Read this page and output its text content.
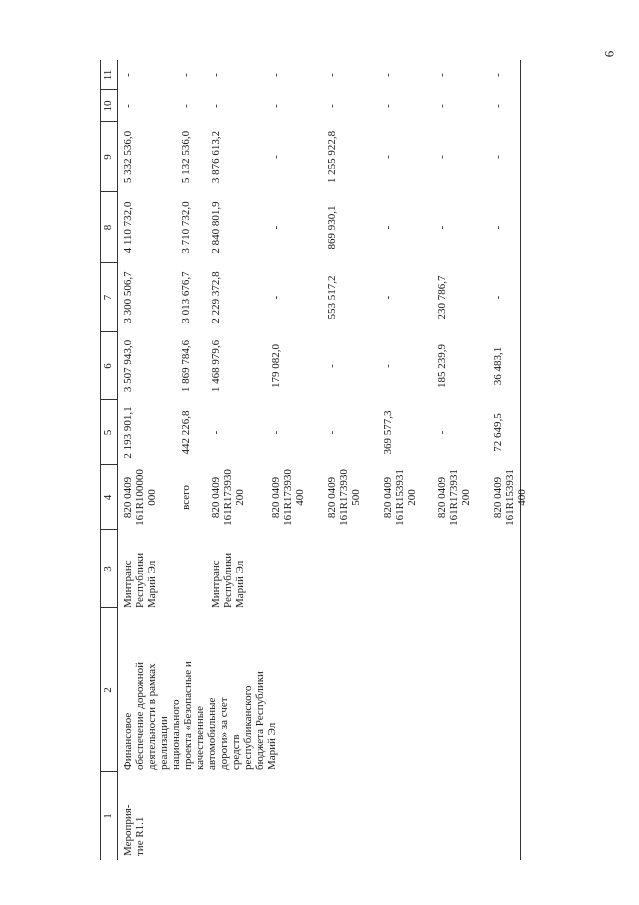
6
1
2
3
4
5
6
7
8
9
10
11
Мероприя-
тие R1.1
Финансовое
обеспечение дорожной
деятельности в рамках
реализации
национального
проекта «Безопасные и
качественные
автомобильные
дороги» за счет
средств
республиканского
бюджета Республики
Марий Эл
Минтранс
Республики
Марий Эл
820 0409
161R100000
000
2 193 901,1
3 507 943,0
3 300 506,7
4 110 732,0
5 332 536,0
-
-
всего
442 226,8
1 869 784,6
3 013 676,7
3 710 732,0
5 132 536,0
-
-
Минтранс
Республики
Марий Эл
820 0409
161R173930
200
-
1 468 979,6
2 229 372,8
2 840 801,9
3 876 613,2
-
-
820 0409
161R173930
400
-
179 082,0
-
-
-
-
-
820 0409
161R173930
500
-
-
553 517,2
869 930,1
1 255 922,8
-
-
820 0409
161R153931
200
369 577,3
-
-
-
-
-
-
820 0409
161R173931
200
-
185 239,9
230 786,7
-
-
-
-
820 0409
161R153931
400
72 649,5
36 483,1
-
-
-
-
-
